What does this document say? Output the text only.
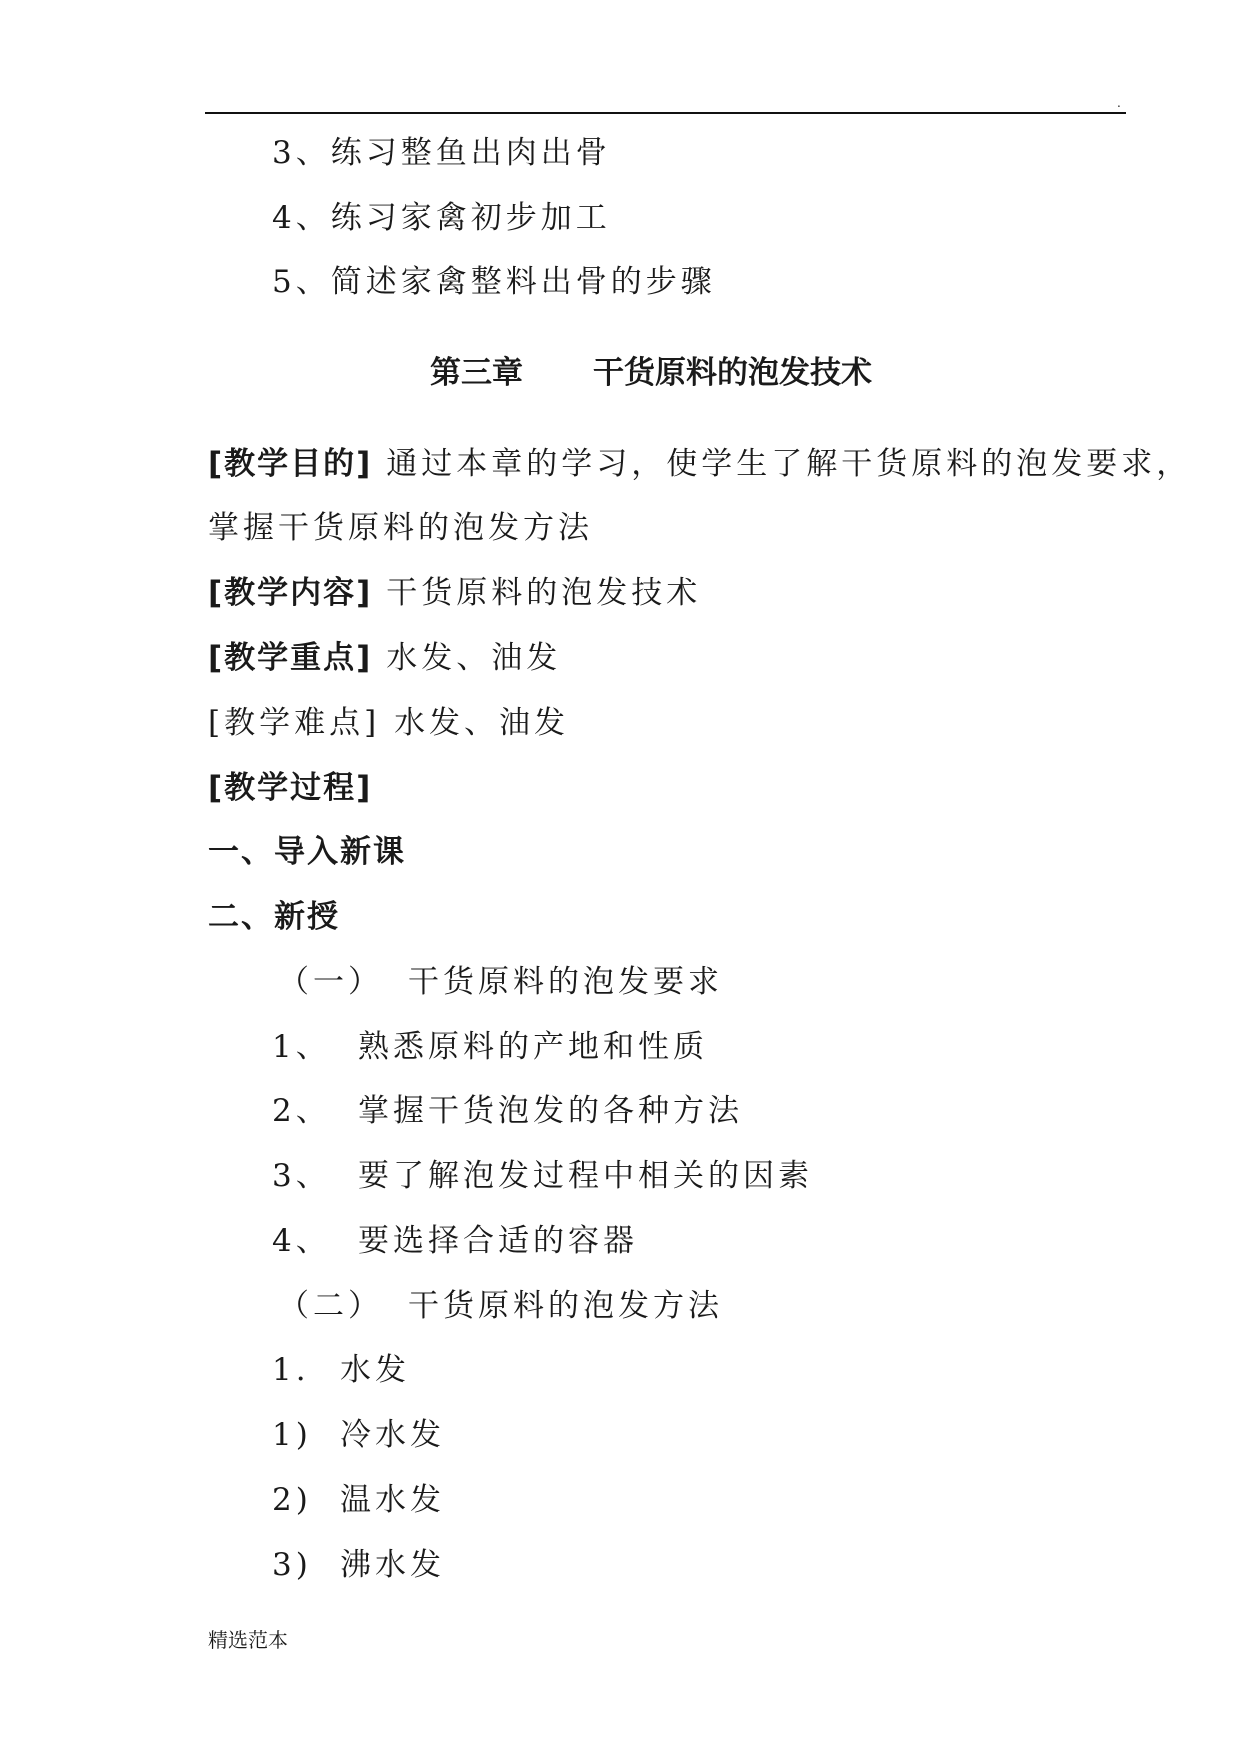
.
3、练习整鱼出肉出骨
4、练习家禽初步加工
5、简述家禽整料出骨的步骤
第三章 干货原料的泡发技术
[教学目的] 通过本章的学习，使学生了解干货原料的泡发要求，
掌握干货原料的泡发方法
[教学内容] 干货原料的泡发技术
[教学重点] 水发、油发
[教学难点] 水发、油发
[教学过程]
一、导入新课
二、新授
（一） 干货原料的泡发要求
1、 熟悉原料的产地和性质
2、 掌握干货泡发的各种方法
3、 要了解泡发过程中相关的因素
4、 要选择合适的容器
（二） 干货原料的泡发方法
1. 水发
1) 冷水发
2) 温水发
3) 沸水发
精选范本
